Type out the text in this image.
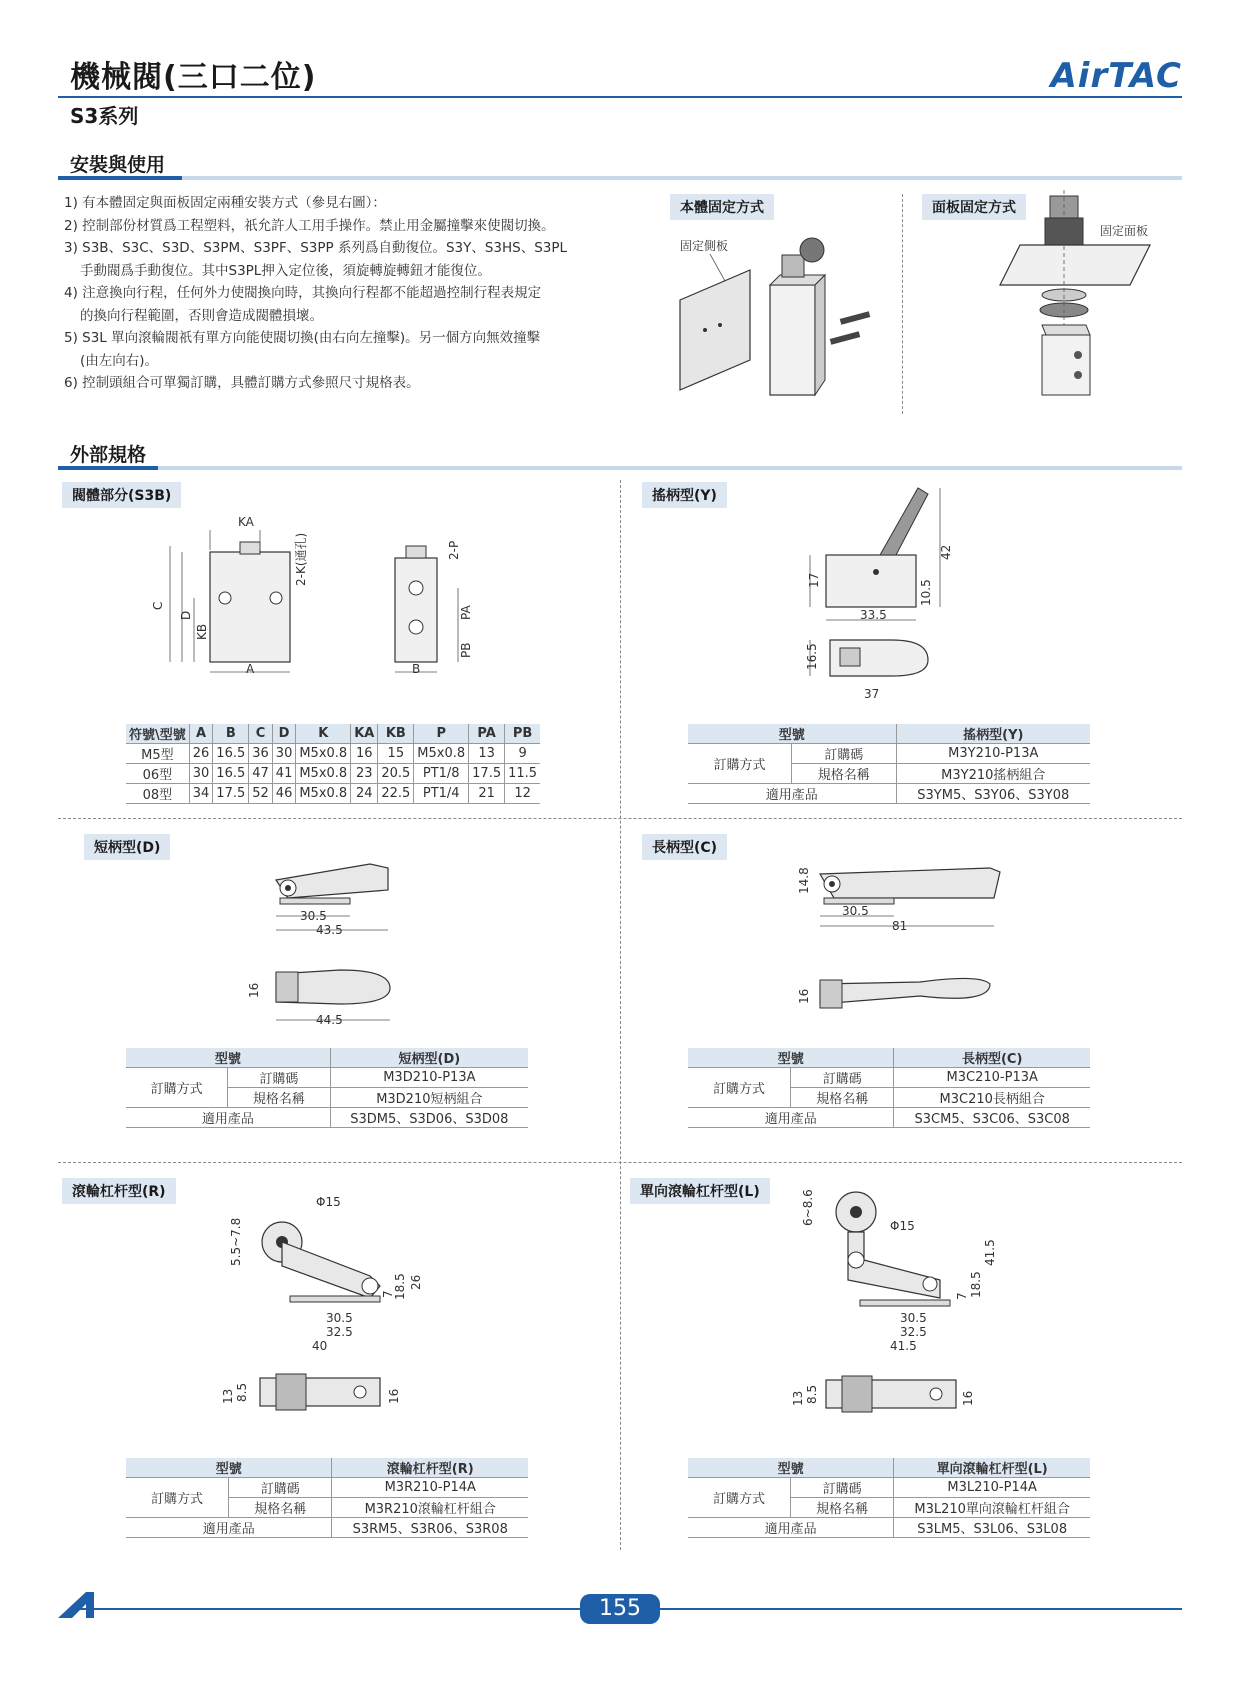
機械閥(三口二位)	AirTAC
S3系列
安裝與使用
1) 有本體固定與面板固定兩種安裝方式（參見右圖）：
2) 控制部份材質爲工程塑料，祇允許人工用手操作。禁止用金屬撞擊來使閥切換。
3) S3B、S3C、S3D、S3PM、S3PF、S3PP 系列爲自動復位。S3Y、S3HS、S3PL
手動閥爲手動復位。其中S3PL押入定位後，須旋轉旋轉鈕才能復位。
4) 注意換向行程，任何外力使閥換向時，其換向行程都不能超過控制行程表規定
的換向行程範圍，否則會造成閥體損壞。
5) S3L 單向滾輪閥祇有單方向能使閥切換(由右向左撞擊)。另一個方向無效撞擊
(由左向右)。
6) 控制頭組合可單獨訂購，具體訂購方式參照尺寸規格表。
本體固定方式
固定側板
面板固定方式
固定面板
外部規格
閥體部分(S3B)
KA
A
C
D
KB
2-K(通孔)
B
2-P
PA
PB
符號\型號	A	B	C	D	K	KA	KB	P	PA	PB
M5型	26	16.5	36	30	M5x0.8	16	15	M5x0.8	13	9
06型	30	16.5	47	41	M5x0.8	23	20.5	PT1/8	17.5	11.5
08型	34	17.5	52	46	M5x0.8	24	22.5	PT1/4	21	12
搖柄型(Y)
17
42
10.5
33.5
16.5
37
型號		搖柄型(Y)
訂購方式	訂購碼	M3Y210-P13A
	規格名稱	M3Y210搖柄組合
適用產品		S3YM5、S3Y06、S3Y08
短柄型(D)
30.5
43.5
16
44.5
型號		短柄型(D)
訂購方式	訂購碼	M3D210-P13A
	規格名稱	M3D210短柄組合
適用產品		S3DM5、S3D06、S3D08
長柄型(C)
14.8
30.5
81
16
型號		長柄型(C)
訂購方式	訂購碼	M3C210-P13A
	規格名稱	M3C210長柄組合
適用產品		S3CM5、S3C06、S3C08
滾輪杠杆型(R)
Φ15
5.5~7.8
18.5 26
7
30.5
32.5
40
13 8.5	16
型號		滾輪杠杆型(R)
訂購方式	訂購碼	M3R210-P14A
	規格名稱	M3R210滾輪杠杆組合
適用產品		S3RM5、S3R06、S3R08
單向滾輪杠杆型(L)
Φ15
6~8.6
41.5
18.5
7
30.5
32.5
41.5
13 8.5	16
型號		單向滾輪杠杆型(L)
訂購方式	訂購碼	M3L210-P14A
	規格名稱	M3L210單向滾輪杠杆組合
適用產品		S3LM5、S3L06、S3L08
155
